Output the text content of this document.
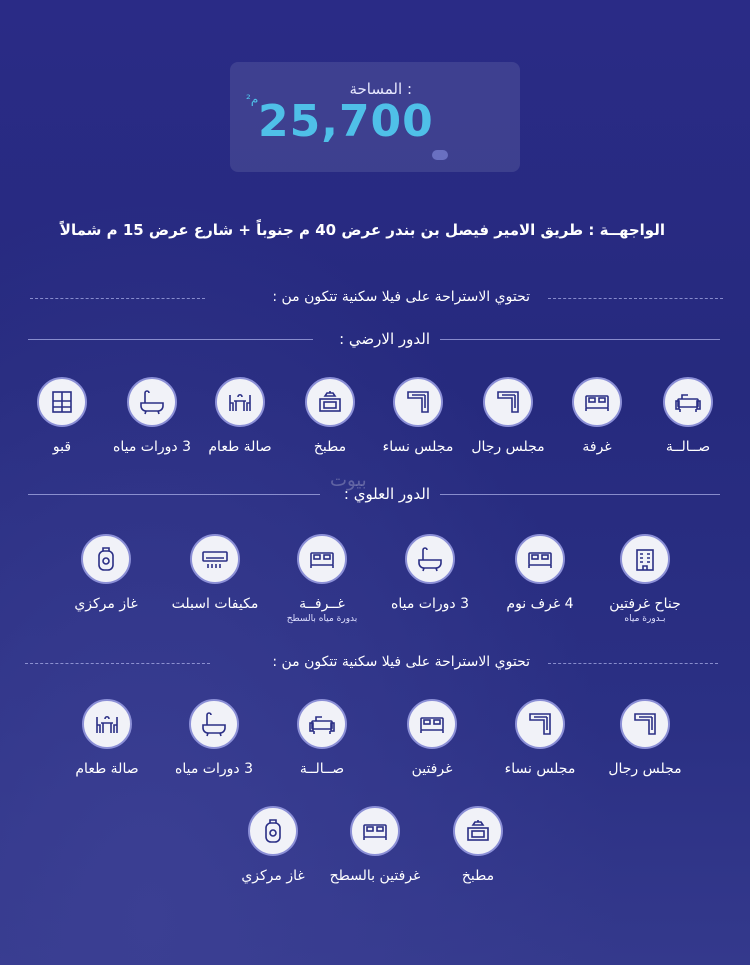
المساحة :
م² 25,700
الواجهــة : طريق الامير فيصل بن بندر عرض 40 م جنوباً + شارع عرض 15 م شمالاً
تحتوي الاستراحة على فيلا سكنية تتكون من :
الدور الارضي :
صــالــة
غرفة
مجلس رجال
مجلس نساء
مطبخ
صالة طعام
3 دورات مياه
قبو
الدور العلوي :
بيوت
جناح غرفتين
بـدورة مياه
4 غرف نوم
3 دورات مياه
غــرفــة
بدورة مياه بالسطح
مكيفات اسبلت
غاز مركزي
تحتوي الاستراحة على فيلا سكنية تتكون من :
مجلس رجال
مجلس نساء
غرفتين
صــالــة
3 دورات مياه
صالة طعام
مطبخ
غرفتين بالسطح
غاز مركزي
